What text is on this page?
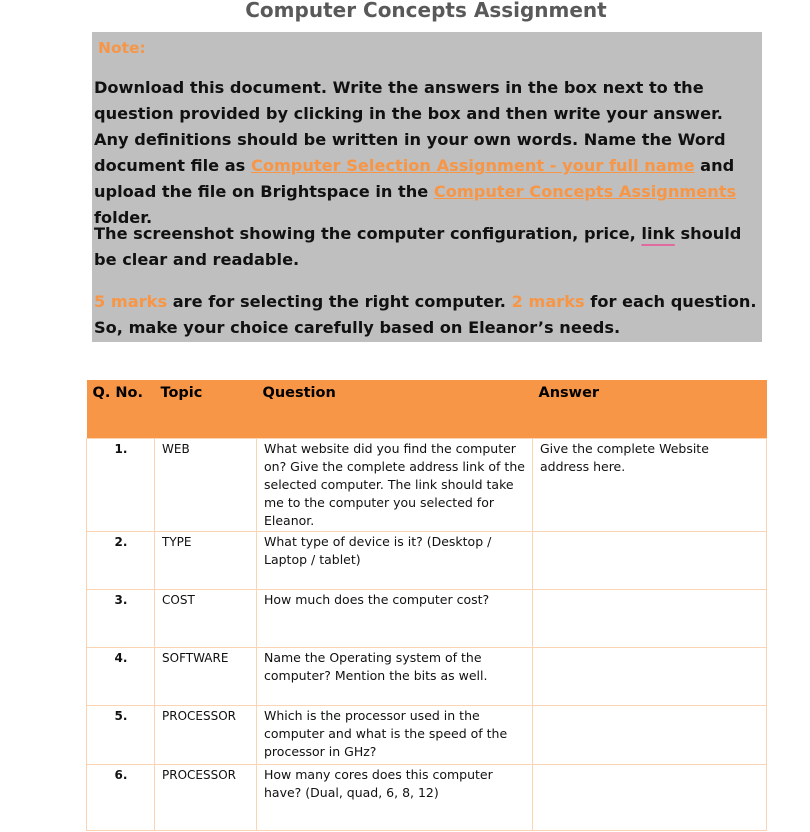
Computer Concepts Assignment

Note:

Download this document. Write the answers in the box next to the question provided by clicking in the box and then write your answer. Any definitions should be written in your own words. Name the Word document file as Computer Selection Assignment - your full name and upload the file on Brightspace in the Computer Concepts Assignments folder.

The screenshot showing the computer configuration, price, link should be clear and readable.

5 marks are for selecting the right computer. 2 marks for each question. So, make your choice carefully based on Eleanor’s needs.

Q. No.	Topic	Question	Answer
1.	WEB	What website did you find the computer on? Give the complete address link of the selected computer. The link should take me to the computer you selected for Eleanor.	Give the complete Website address here.
2.	TYPE	What type of device is it? (Desktop / Laptop / tablet)	
3.	COST	How much does the computer cost?	
4.	SOFTWARE	Name the Operating system of the computer? Mention the bits as well.	
5.	PROCESSOR	Which is the processor used in the computer and what is the speed of the processor in GHz?	
6.	PROCESSOR	How many cores does this computer have? (Dual, quad, 6, 8, 12)	
